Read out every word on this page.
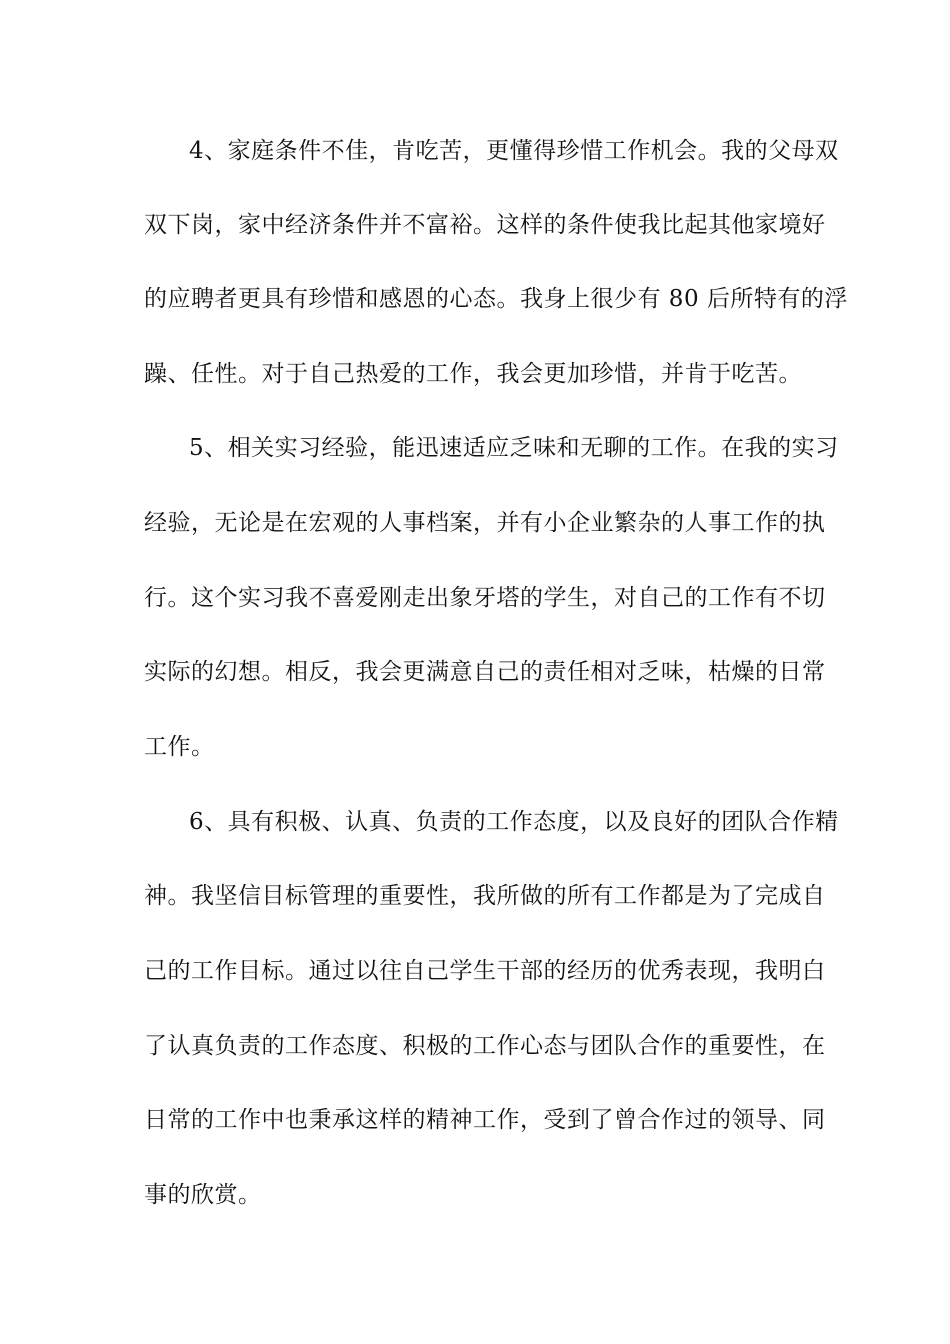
4、家庭条件不佳，肯吃苦，更懂得珍惜工作机会。我的父母双
双下岗，家中经济条件并不富裕。这样的条件使我比起其他家境好
的应聘者更具有珍惜和感恩的心态。我身上很少有 80 后所特有的浮
躁、任性。对于自己热爱的工作，我会更加珍惜，并肯于吃苦。
5、相关实习经验，能迅速适应乏味和无聊的工作。在我的实习
经验，无论是在宏观的人事档案，并有小企业繁杂的人事工作的执
行。这个实习我不喜爱刚走出象牙塔的学生，对自己的工作有不切
实际的幻想。相反，我会更满意自己的责任相对乏味，枯燥的日常
工作。
6、具有积极、认真、负责的工作态度，以及良好的团队合作精
神。我坚信目标管理的重要性，我所做的所有工作都是为了完成自
己的工作目标。通过以往自己学生干部的经历的优秀表现，我明白
了认真负责的工作态度、积极的工作心态与团队合作的重要性，在
日常的工作中也秉承这样的精神工作，受到了曾合作过的领导、同
事的欣赏。
